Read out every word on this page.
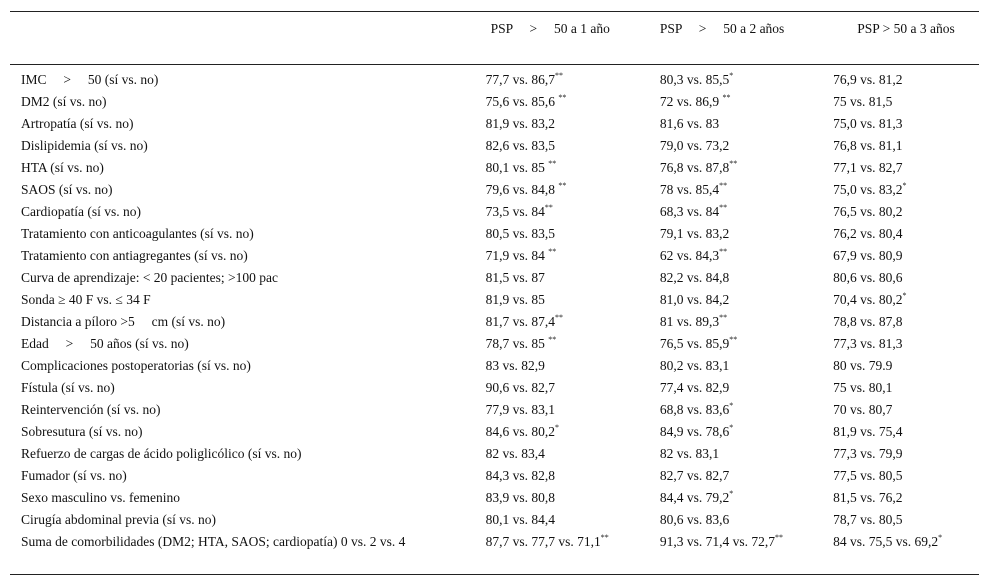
	PSP     >     50 a 1 año	PSP     >     50 a 2 años	PSP > 50 a 3 años
IMC     >     50 (sí vs. no)	77,7 vs. 86,7**	80,3 vs. 85,5*	76,9 vs. 81,2
DM2 (sí vs. no)	75,6 vs. 85,6 **	72 vs. 86,9 **	75 vs. 81,5
Artropatía (sí vs. no)	81,9 vs. 83,2	81,6 vs. 83	75,0 vs. 81,3
Dislipidemia (sí vs. no)	82,6 vs. 83,5	79,0 vs. 73,2	76,8 vs. 81,1
HTA (sí vs. no)	80,1 vs. 85 **	76,8 vs. 87,8**	77,1 vs. 82,7
SAOS (sí vs. no)	79,6 vs. 84,8 **	78 vs. 85,4**	75,0 vs. 83,2*
Cardiopatía (sí vs. no)	73,5 vs. 84**	68,3 vs. 84**	76,5 vs. 80,2
Tratamiento con anticoagulantes (sí vs. no)	80,5 vs. 83,5	79,1 vs. 83,2	76,2 vs. 80,4
Tratamiento con antiagregantes (sí vs. no)	71,9 vs. 84 **	62 vs. 84,3**	67,9 vs. 80,9
Curva de aprendizaje: < 20 pacientes; >100 pac	81,5 vs. 87	82,2 vs. 84,8	80,6 vs. 80,6
Sonda ≥ 40 F vs. ≤ 34 F	81,9 vs. 85	81,0 vs. 84,2	70,4 vs. 80,2*
Distancia a píloro >5     cm (sí vs. no)	81,7 vs. 87,4**	81 vs. 89,3**	78,8 vs. 87,8
Edad     >     50 años (sí vs. no)	78,7 vs. 85 **	76,5 vs. 85,9**	77,3 vs. 81,3
Complicaciones postoperatorias (sí vs. no)	83 vs. 82,9	80,2 vs. 83,1	80 vs. 79.9
Fístula (sí vs. no)	90,6 vs. 82,7	77,4 vs. 82,9	75 vs. 80,1
Reintervención (sí vs. no)	77,9 vs. 83,1	68,8 vs. 83,6*	70 vs. 80,7
Sobresutura (sí vs. no)	84,6 vs. 80,2*	84,9 vs. 78,6*	81,9 vs. 75,4
Refuerzo de cargas de ácido poliglicólico (sí vs. no)	82 vs. 83,4	82 vs. 83,1	77,3 vs. 79,9
Fumador (sí vs. no)	84,3 vs. 82,8	82,7 vs. 82,7	77,5 vs. 80,5
Sexo masculino vs. femenino	83,9 vs. 80,8	84,4 vs. 79,2*	81,5 vs. 76,2
Cirugía abdominal previa (sí vs. no)	80,1 vs. 84,4	80,6 vs. 83,6	78,7 vs. 80,5
Suma de comorbilidades (DM2; HTA, SAOS; cardiopatía) 0 vs. 2 vs. 4	87,7 vs. 77,7 vs. 71,1**	91,3 vs. 71,4 vs. 72,7**	84 vs. 75,5 vs. 69,2*
